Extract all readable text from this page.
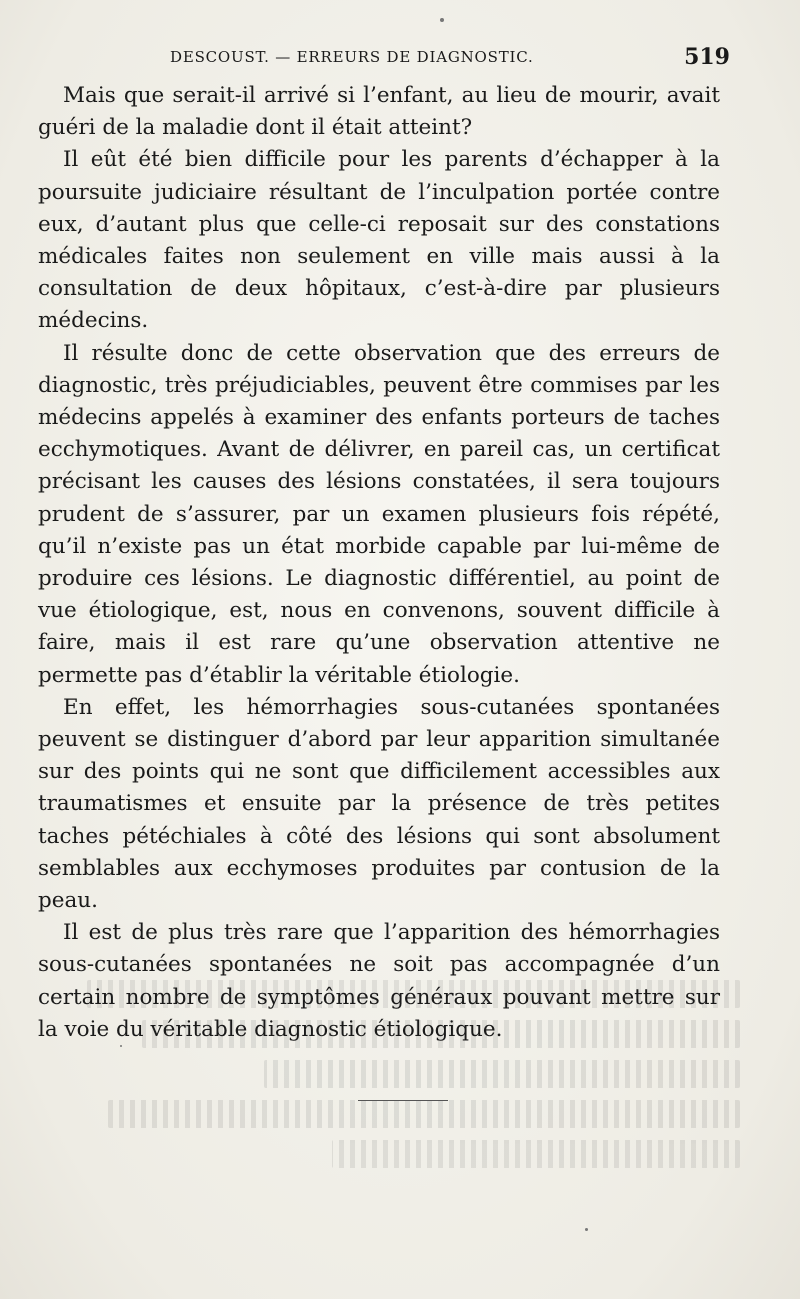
DESCOUST. — ERREURS DE DIAGNOSTIC.	519

Mais que serait-il arrivé si l’enfant, au lieu de mourir, avait guéri de la maladie dont il était atteint?

Il eût été bien difficile pour les parents d’échapper à la poursuite judiciaire résultant de l’inculpation portée contre eux, d’autant plus que celle-ci reposait sur des constations médicales faites non seulement en ville mais aussi à la consultation de deux hôpitaux, c’est-à-dire par plusieurs médecins.

Il résulte donc de cette observation que des erreurs de diagnostic, très préjudiciables, peuvent être commises par les médecins appelés à examiner des enfants porteurs de taches ecchymotiques. Avant de délivrer, en pareil cas, un certificat précisant les causes des lésions constatées, il sera toujours prudent de s’assurer, par un examen plusieurs fois répété, qu’il n’existe pas un état morbide capable par lui-même de produire ces lésions. Le diagnostic différentiel, au point de vue étiologique, est, nous en convenons, souvent difficile à faire, mais il est rare qu’une observation attentive ne permette pas d’établir la véritable étiologie.

En effet, les hémorrhagies sous-cutanées spontanées peuvent se distinguer d’abord par leur apparition simultanée sur des points qui ne sont que difficilement accessibles aux traumatismes et ensuite par la présence de très petites taches pétéchiales à côté des lésions qui sont absolument semblables aux ecchymoses produites par contusion de la peau.

Il est de plus très rare que l’apparition des hémorrhagies sous-cutanées spontanées ne soit pas accompagnée d’un certain nombre de symptômes généraux pouvant mettre sur la voie du véritable diagnostic étiologique.
